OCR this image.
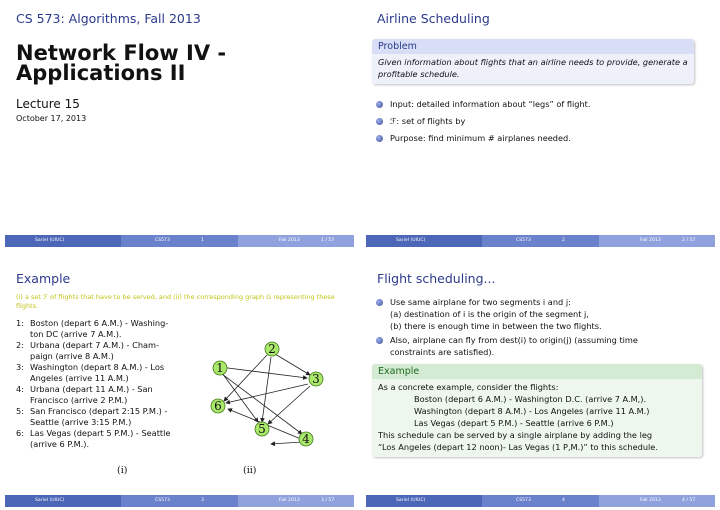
CS 573: Algorithms, Fall 2013
Network Flow IV -
Applications II
Lecture 15
October 17, 2013
Sariel (UIUC)	CS573	1	Fall 2013	1 / 57
Airline Scheduling
Problem
Given information about flights that an airline needs to provide, generate a profitable schedule.
Input: detailed information about “legs” of flight.
ℱ: set of flights by
Purpose: find minimum # airplanes needed.
Sariel (UIUC)	CS573	2	Fall 2013	2 / 57
Example
(i) a set ℱ of flights that have to be served, and (ii) the corresponding graph G representing these flights.
1: Boston (depart 6 A.M.) - Washing-
ton DC (arrive 7 A.M.).
2: Urbana (depart 7 A.M.) - Cham-
paign (arrive 8 A.M.)
3: Washington (depart 8 A.M.) - Los
Angeles (arrive 11 A.M.)
4: Urbana (depart 11 A.M.) - San
Francisco (arrive 2 P.M.)
5: San Francisco (depart 2:15 P.M.) -
Seattle (arrive 3:15 P.M.)
6: Las Vegas (depart 5 P.M.) - Seattle
(arrive 6 P.M.).
(i)	(ii)
1
2
3
4
5
6
Sariel (UIUC)	CS573	3	Fall 2013	3 / 57
Flight scheduling...
Use same airplane for two segments i and j:
(a) destination of i is the origin of the segment j,
(b) there is enough time in between the two flights.
Also, airplane can fly from dest(i) to origin(j) (assuming time
constraints are satisfied).
Example
As a concrete example, consider the flights:
Boston (depart 6 A.M.) - Washington D.C. (arrive 7 A.M,).
Washington (depart 8 A.M.) - Los Angeles (arrive 11 A.M.)
Las Vegas (depart 5 P.M.) - Seattle (arrive 6 P.M.)
This schedule can be served by a single airplane by adding the leg
“Los Angeles (depart 12 noon)- Las Vegas (1 P,M.)” to this schedule.
Sariel (UIUC)	CS573	4	Fall 2013	4 / 57
